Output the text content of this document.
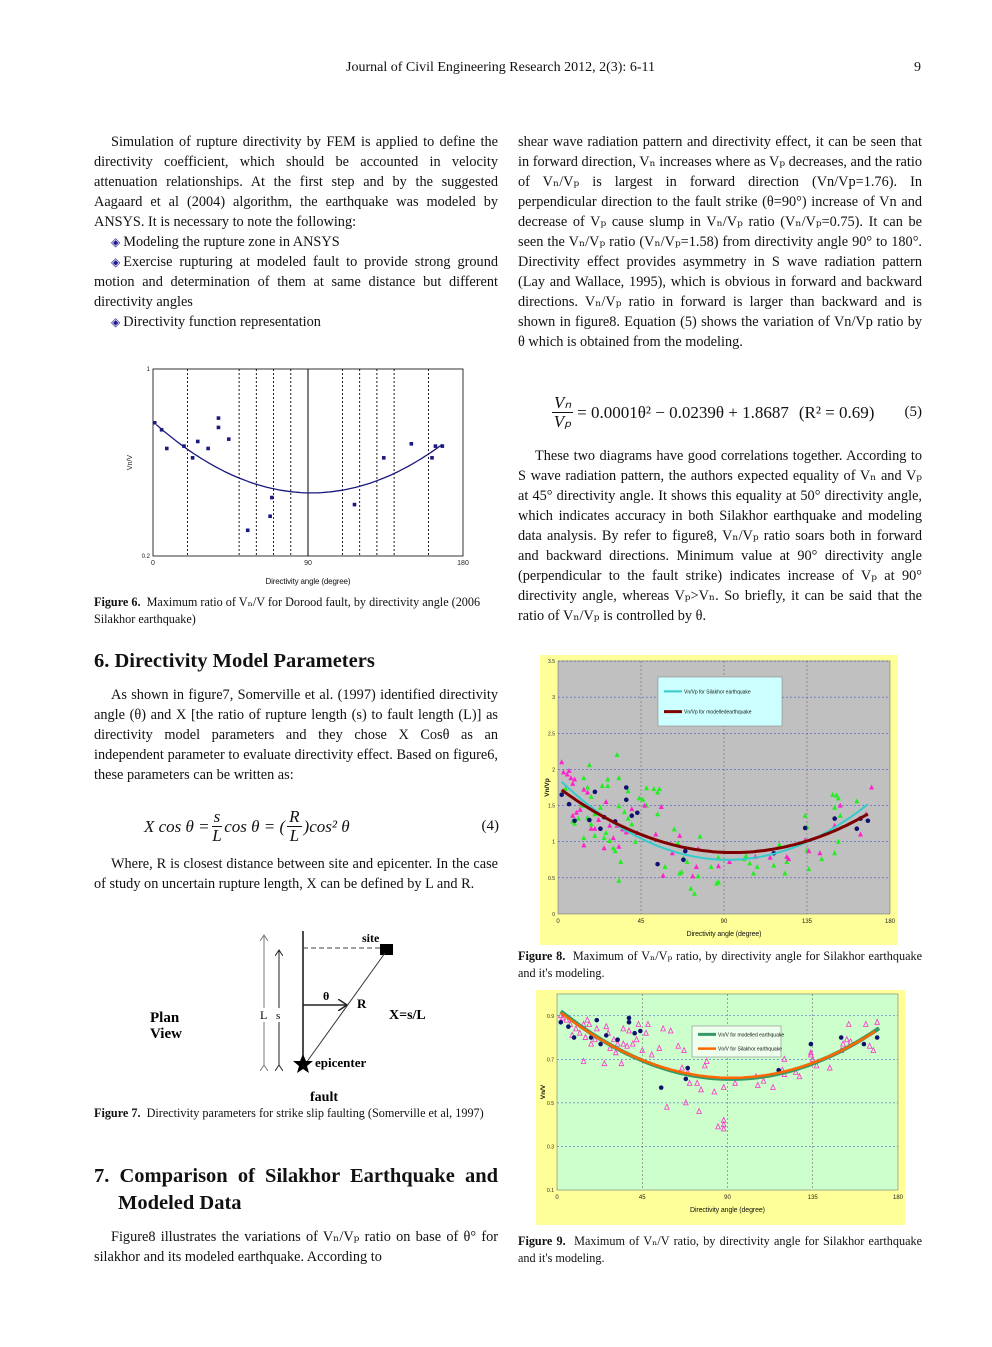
Journal of Civil Engineering Research 2012, 2(3): 6-11	9

Simulation of rupture directivity by FEM is applied to define the directivity coefficient, which should be accounted in velocity attenuation relationships. At the first step and by the suggested Aagaard et al (2004) algorithm, the earthquake was modeled by ANSYS. It is necessary to note the following:

◈ Modeling the rupture zone in ANSYS
◈ Exercise rupturing at modeled fault to provide strong ground motion and determination of them at same distance but different directivity angles
◈ Directivity function representation
0	90	180
0.2
1
Directivity angle (degree)
Vn/V
Figure 6. Maximum ratio of Vₙ/V for Dorood fault, by directivity angle (2006 Silakhor earthquake)
6. Directivity Model Parameters

As shown in figure7, Somerville et al. (1997) identified directivity angle (θ) and X [the ratio of rupture length (s) to fault length (L)] as directivity model parameters and they chose X Cosθ as an independent parameter to evaluate directivity effect. Based on figure6, these parameters can be written as:

X $\cos \theta = \frac{s}{L}$ cos θ = ( $\frac{R}{L} )\cos^2$ θ	(4)

Where, R is closest distance between site and epicenter. In the case of study on uncertain rupture length, X can be defined by L and R.

Plan
View
L s
θ R
site
X=s/L
epicenter
fault
Figure 7. Directivity parameters for strike slip faulting (Somerville et al, 1997)
7. Comparison of Silakhor Earthquake and Modeled Data

Figure8 illustrates the variations of Vₙ/Vₚ ratio on base of θ° for silakhor and its modeled earthquake. According to

shear wave radiation pattern and directivity effect, it can be seen that in forward direction, Vₙ increases where as Vₚ decreases, and the ratio of Vₙ/Vₚ is largest in forward direction (Vn/Vp=1.76). In perpendicular direction to the fault strike (θ=90°) increase of Vn and decrease of Vₚ cause slump in Vₙ/Vₚ ratio (Vₙ/Vₚ=0.75). It can be seen the Vₙ/Vₚ ratio (Vₙ/Vₚ=1.58) from directivity angle 90° to 180°. Directivity effect provides asymmetry in S wave radiation pattern (Lay and Wallace, 1995), which is obvious in forward and backward directions. Vₙ/Vₚ ratio in forward is larger than backward and is shown in figure8. Equation (5) shows the variation of Vn/Vp ratio by θ which is obtained from the modeling.

$\frac{\text{Vₙ}}{\text{Vₚ}} = 0.0001\theta^2 - 0.0239\theta + 1.8687$ (R² = 0.69) (5)

These two diagrams have good correlations together. According to S wave radiation pattern, the authors expected equality of Vₙ and Vₚ at 45° directivity angle. It shows this equality at 50° directivity angle, which indicates accuracy in both Silakhor earthquake and modeling data analysis. By refer to figure8, Vₙ/Vₚ ratio soars both in forward and backward directions. Minimum value at 90° directivity angle (perpendicular to the fault strike) indicates increase of Vₚ at 90° directivity angle, whereas Vₚ>Vₙ. So briefly, it can be said that the ratio of Vₙ/Vₚ is controlled by θ.

0	45	90	135	180
0
0.5
1
1.5
2
2.5
3
3.5
Directivity angle (degree)
Vn/Vp
Vn/Vp for Silakhor earthquake
Vn/Vp for modelledearthquake
Figure 8. Maximum of Vₙ/Vₚ ratio, by directivity angle for Silakhor earthquake and it's modeling.
0	45	90	135	180
0.1
0.3
0.5
0.7
0.9
Directivity angle (degree)
Vn/V
Vn/V for modelled earthquake
Vn/V for Silakhor earthquake
Figure 9. Maximum of Vₙ/V ratio, by directivity angle for Silakhor earthquake and it's modeling.
